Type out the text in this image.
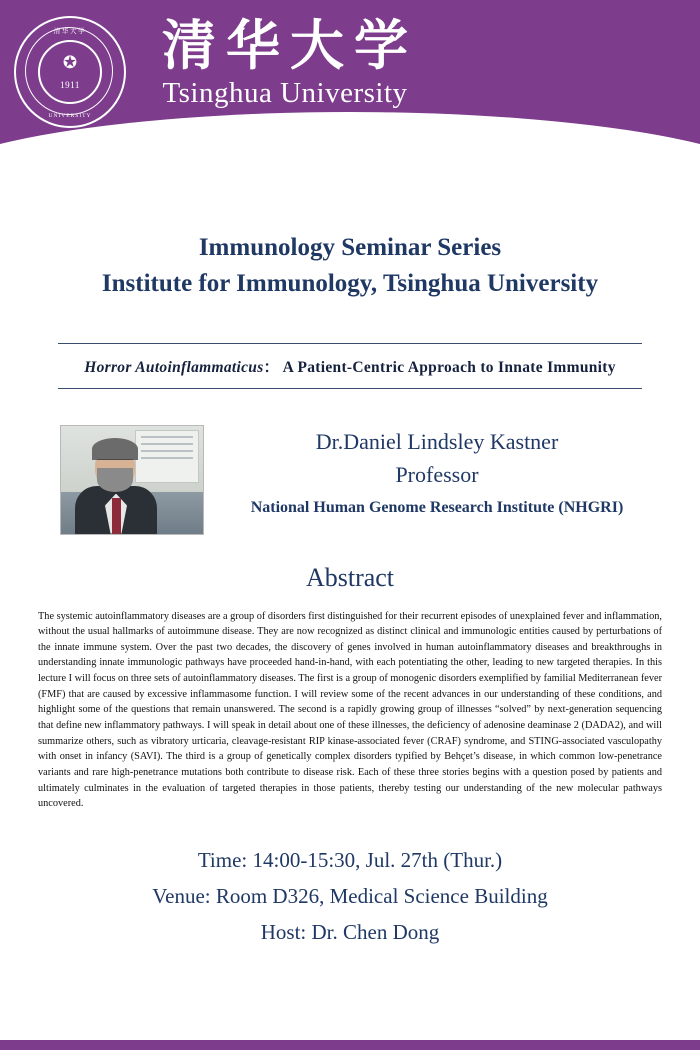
清华大学
✪
1911
UNIVERSITY
清华大学
Tsinghua University
Immunology Seminar Series
Institute for Immunology, Tsinghua University
Horror Autoinflammaticus： A Patient-Centric Approach to Innate Immunity
Dr.Daniel Lindsley Kastner
Professor
National Human Genome Research Institute (NHGRI)
Abstract
The systemic autoinflammatory diseases are a group of disorders first distinguished for their recurrent episodes of unexplained fever and inflammation, without the usual hallmarks of autoimmune disease. They are now recognized as distinct clinical and immunologic entities caused by perturbations of the innate immune system. Over the past two decades, the discovery of genes involved in human autoinflammatory diseases and breakthroughs in understanding innate immunologic pathways have proceeded hand-in-hand, with each potentiating the other, leading to new targeted therapies. In this lecture I will focus on three sets of autoinflammatory diseases. The first is a group of monogenic disorders exemplified by familial Mediterranean fever (FMF) that are caused by excessive inflammasome function. I will review some of the recent advances in our understanding of these conditions, and highlight some of the questions that remain unanswered. The second is a rapidly growing group of illnesses “solved” by next-generation sequencing that define new inflammatory pathways. I will speak in detail about one of these illnesses, the deficiency of adenosine deaminase 2 (DADA2), and will summarize others, such as vibratory urticaria, cleavage-resistant RIP kinase-associated fever (CRAF) syndrome, and STING-associated vasculopathy with onset in infancy (SAVI). The third is a group of genetically complex disorders typified by Behçet’s disease, in which common low-penetrance variants and rare high-penetrance mutations both contribute to disease risk. Each of these three stories begins with a question posed by patients and ultimately culminates in the evaluation of targeted therapies in those patients, thereby testing our understanding of the new molecular pathways uncovered.
Time: 14:00-15:30, Jul. 27th (Thur.)
Venue: Room D326, Medical Science Building
Host: Dr. Chen Dong
